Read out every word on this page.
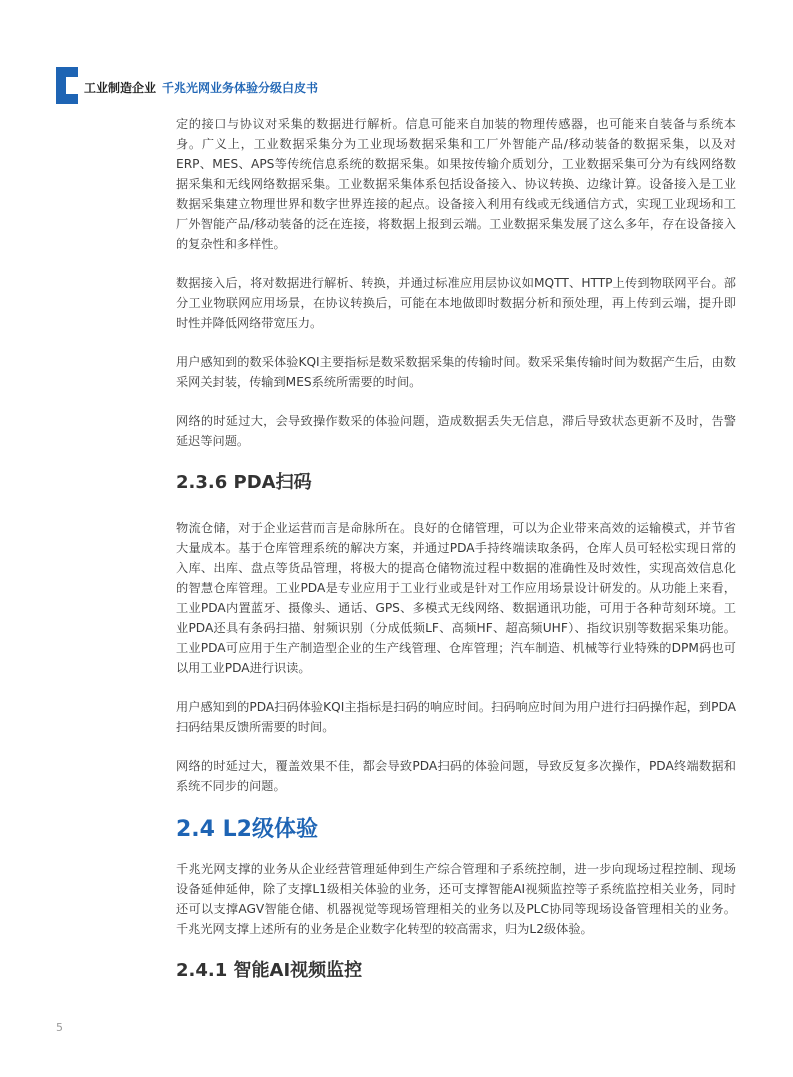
工业制造企业 千兆光网业务体验分级白皮书

定的接口与协议对采集的数据进行解析。信息可能来自加装的物理传感器，也可能来自装备与系统本身。广义上，工业数据采集分为工业现场数据采集和工厂外智能产品/移动装备的数据采集，以及对ERP、MES、APS等传统信息系统的数据采集。如果按传输介质划分，工业数据采集可分为有线网络数据采集和无线网络数据采集。工业数据采集体系包括设备接入、协议转换、边缘计算。设备接入是工业数据采集建立物理世界和数字世界连接的起点。设备接入利用有线或无线通信方式，实现工业现场和工厂外智能产品/移动装备的泛在连接，将数据上报到云端。工业数据采集发展了这么多年，存在设备接入的复杂性和多样性。

数据接入后，将对数据进行解析、转换，并通过标准应用层协议如MQTT、HTTP上传到物联网平台。部分工业物联网应用场景，在协议转换后，可能在本地做即时数据分析和预处理，再上传到云端，提升即时性并降低网络带宽压力。

用户感知到的数采体验KQI主要指标是数采数据采集的传输时间。数采采集传输时间为数据产生后，由数采网关封装，传输到MES系统所需要的时间。

网络的时延过大，会导致操作数采的体验问题，造成数据丢失无信息，滞后导致状态更新不及时，告警延迟等问题。

2.3.6 PDA扫码

物流仓储，对于企业运营而言是命脉所在。良好的仓储管理，可以为企业带来高效的运输模式，并节省大量成本。基于仓库管理系统的解决方案，并通过PDA手持终端读取条码，仓库人员可轻松实现日常的入库、出库、盘点等货品管理，将极大的提高仓储物流过程中数据的准确性及时效性，实现高效信息化的智慧仓库管理。工业PDA是专业应用于工业行业或是针对工作应用场景设计研发的。从功能上来看，工业PDA内置蓝牙、摄像头、通话、GPS、多模式无线网络、数据通讯功能，可用于各种苛刻环境。工业PDA还具有条码扫描、射频识别（分成低频LF、高频HF、超高频UHF）、指纹识别等数据采集功能。工业PDA可应用于生产制造型企业的生产线管理、仓库管理；汽车制造、机械等行业特殊的DPM码也可以用工业PDA进行识读。

用户感知到的PDA扫码体验KQI主指标是扫码的响应时间。扫码响应时间为用户进行扫码操作起，到PDA扫码结果反馈所需要的时间。

网络的时延过大，覆盖效果不佳，都会导致PDA扫码的体验问题，导致反复多次操作，PDA终端数据和系统不同步的问题。

2.4 L2级体验

千兆光网支撑的业务从企业经营管理延伸到生产综合管理和子系统控制，进一步向现场过程控制、现场设备延伸延伸，除了支撑L1级相关体验的业务，还可支撑智能AI视频监控等子系统监控相关业务，同时还可以支撑AGV智能仓储、机器视觉等现场管理相关的业务以及PLC协同等现场设备管理相关的业务。千兆光网支撑上述所有的业务是企业数字化转型的较高需求，归为L2级体验。

2.4.1 智能AI视频监控
5
